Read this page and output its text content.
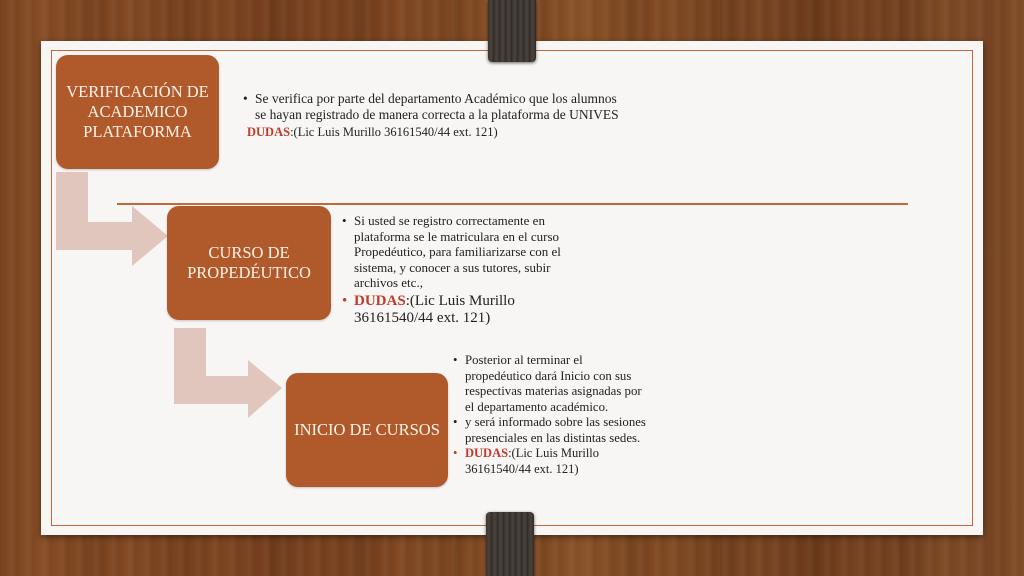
VERIFICACIÓN DE ACADEMICO PLATAFORMA
• Se verifica por parte del departamento Académico que los alumnos se hayan registrado de manera correcta a la plataforma de UNIVES
DUDAS:(Lic Luis Murillo 36161540/44 ext. 121)
CURSO DE PROPEDÉUTICO
• Si usted se registro correctamente en plataforma se le matricularа en el curso Propedéutico, para familiarizarse con el sistema, y conocer a sus tutores, subir archivos etc.,
• DUDAS:(Lic Luis Murillo 36161540/44 ext. 121)
INICIO DE CURSOS
• Posterior al terminar el propedéutico dará Inicio con sus respectivas materias asignadas por el departamento académico.
• y será informado sobre las sesiones presenciales en las distintas sedes.
• DUDAS:(Lic Luis Murillo 36161540/44 ext. 121)
